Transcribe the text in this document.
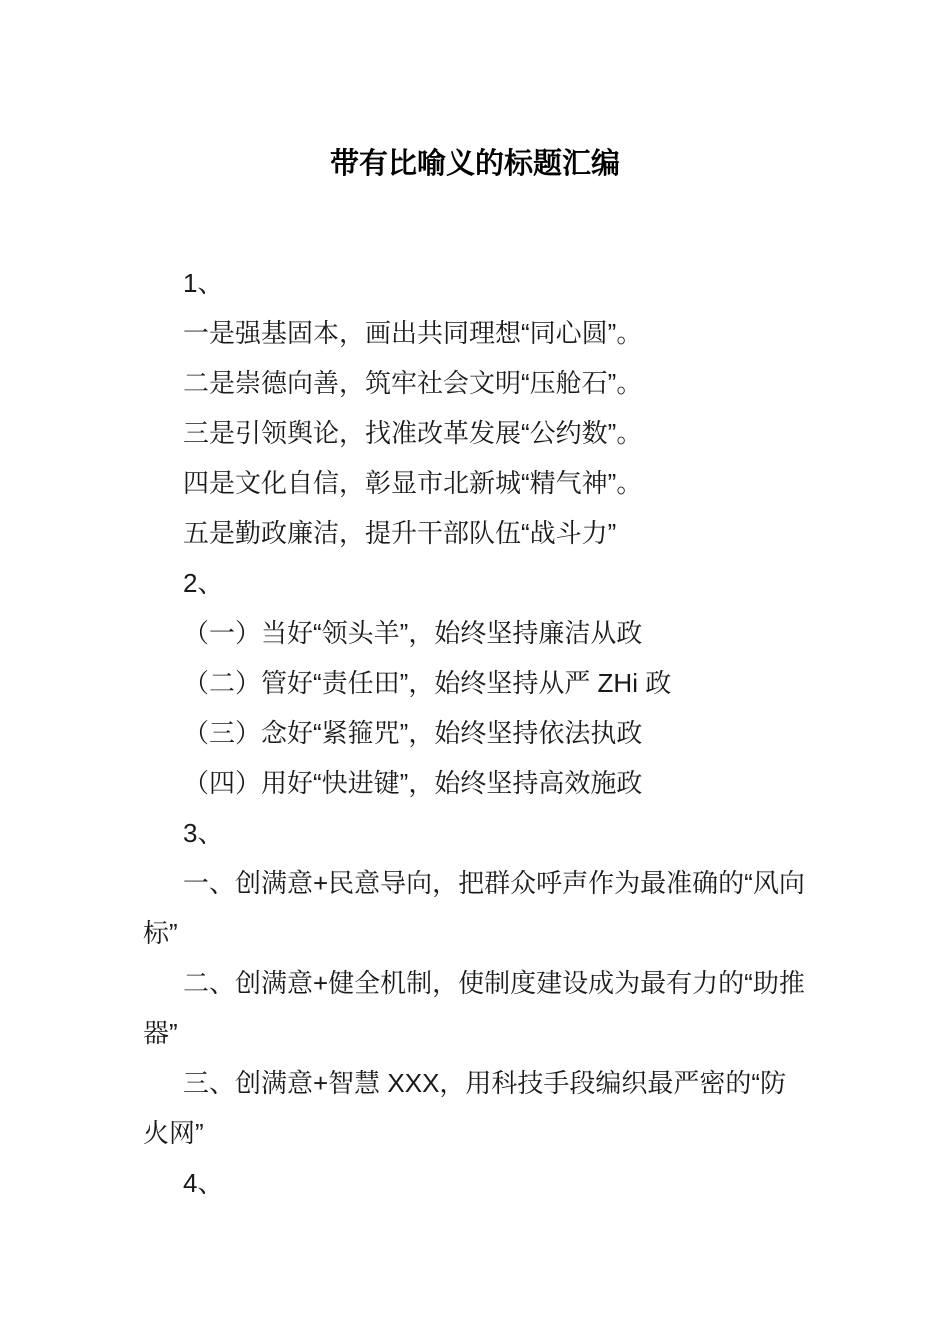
带有比喻义的标题汇编

1、

一是强基固本，画出共同理想“同心圆”。

二是崇德向善，筑牢社会文明“压舱石”。

三是引领舆论，找准改革发展“公约数”。

四是文化自信，彰显市北新城“精气神”。

五是勤政廉洁，提升干部队伍“战斗力”

2、

（一）当好“领头羊”，始终坚持廉洁从政

（二）管好“责任田”，始终坚持从严 ZHi 政

（三）念好“紧箍咒”，始终坚持依法执政

（四）用好“快进键”，始终坚持高效施政

3、

一、创满意+民意导向，把群众呼声作为最准确的“风向标”

二、创满意+健全机制，使制度建设成为最有力的“助推器”

三、创满意+智慧 XXX，用科技手段编织最严密的“防火网”

4、
